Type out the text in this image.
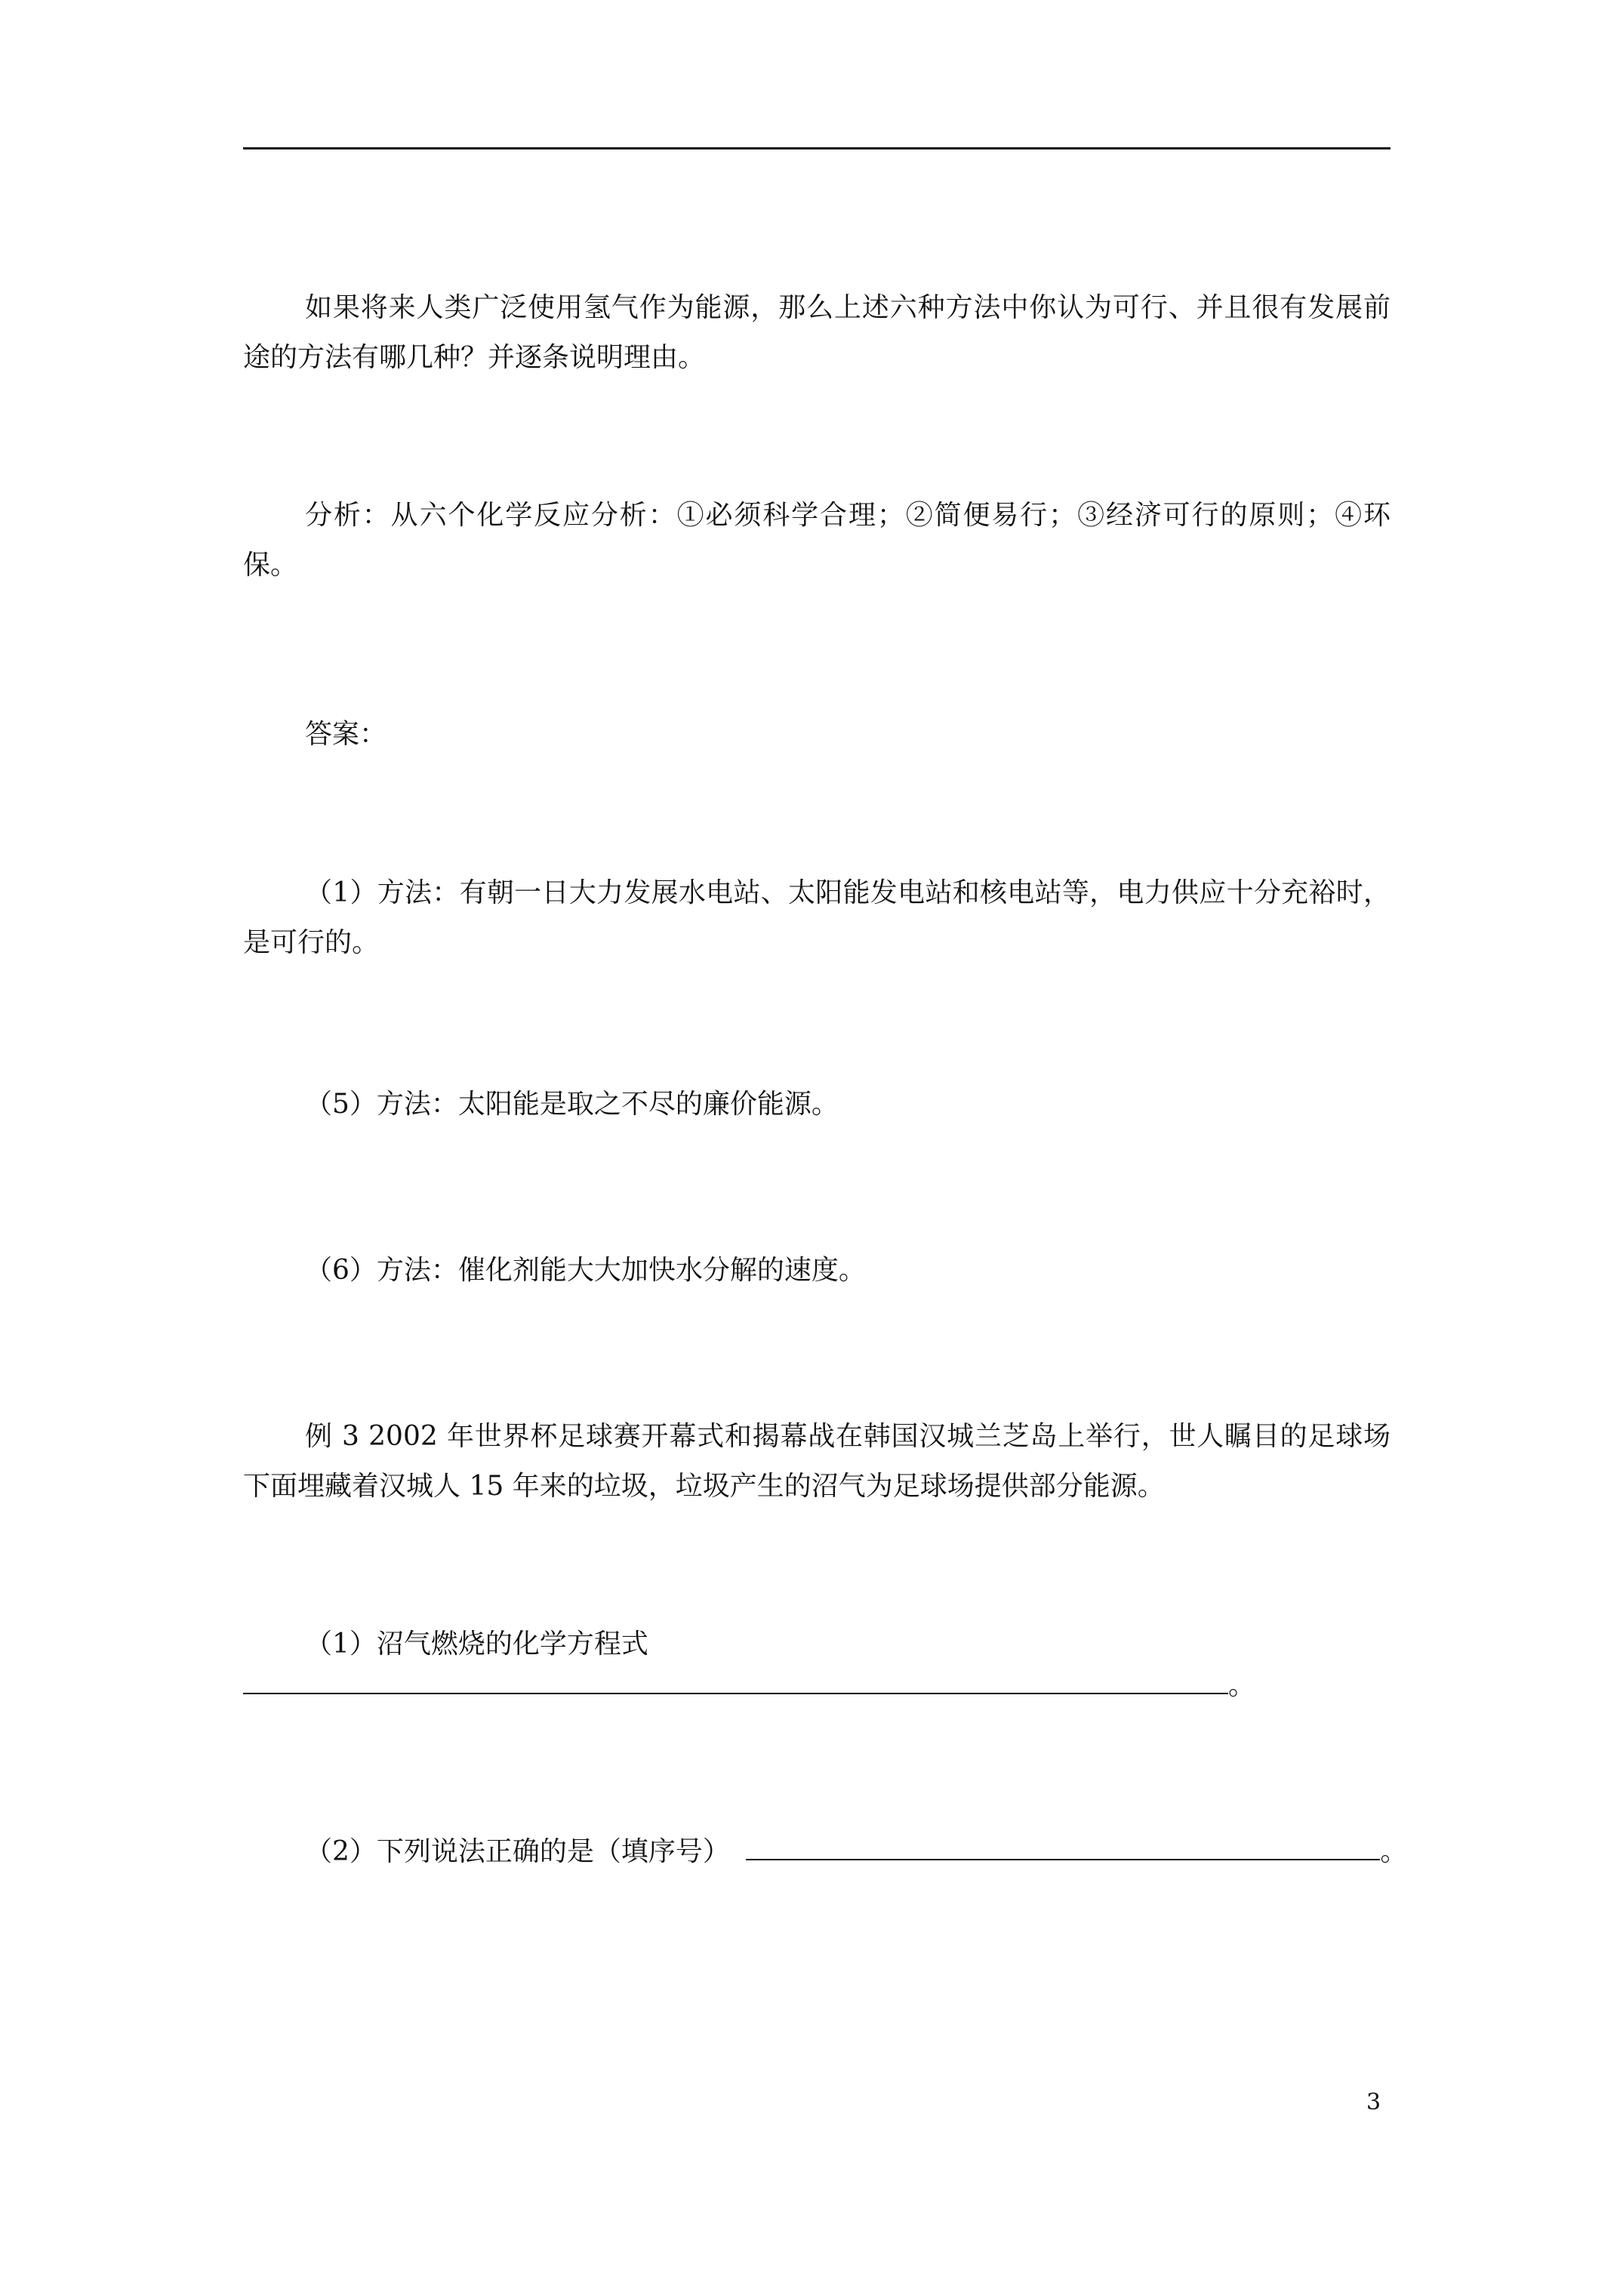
如果将来人类广泛使用氢气作为能源，那么上述六种方法中你认为可行、并且很有发展前途的方法有哪几种？并逐条说明理由。

分析：从六个化学反应分析：①必须科学合理；②简便易行；③经济可行的原则；④环保。

答案：

（1）方法：有朝一日大力发展水电站、太阳能发电站和核电站等，电力供应十分充裕时，是可行的。

（5）方法：太阳能是取之不尽的廉价能源。

（6）方法：催化剂能大大加快水分解的速度。

例 3 2002 年世界杯足球赛开幕式和揭幕战在韩国汉城兰芝岛上举行，世人瞩目的足球场下面埋藏着汉城人 15 年来的垃圾，垃圾产生的沼气为足球场提供部分能源。

（1）沼气燃烧的化学方程式

。
（2）下列说法正确的是（填序号）	。
3
